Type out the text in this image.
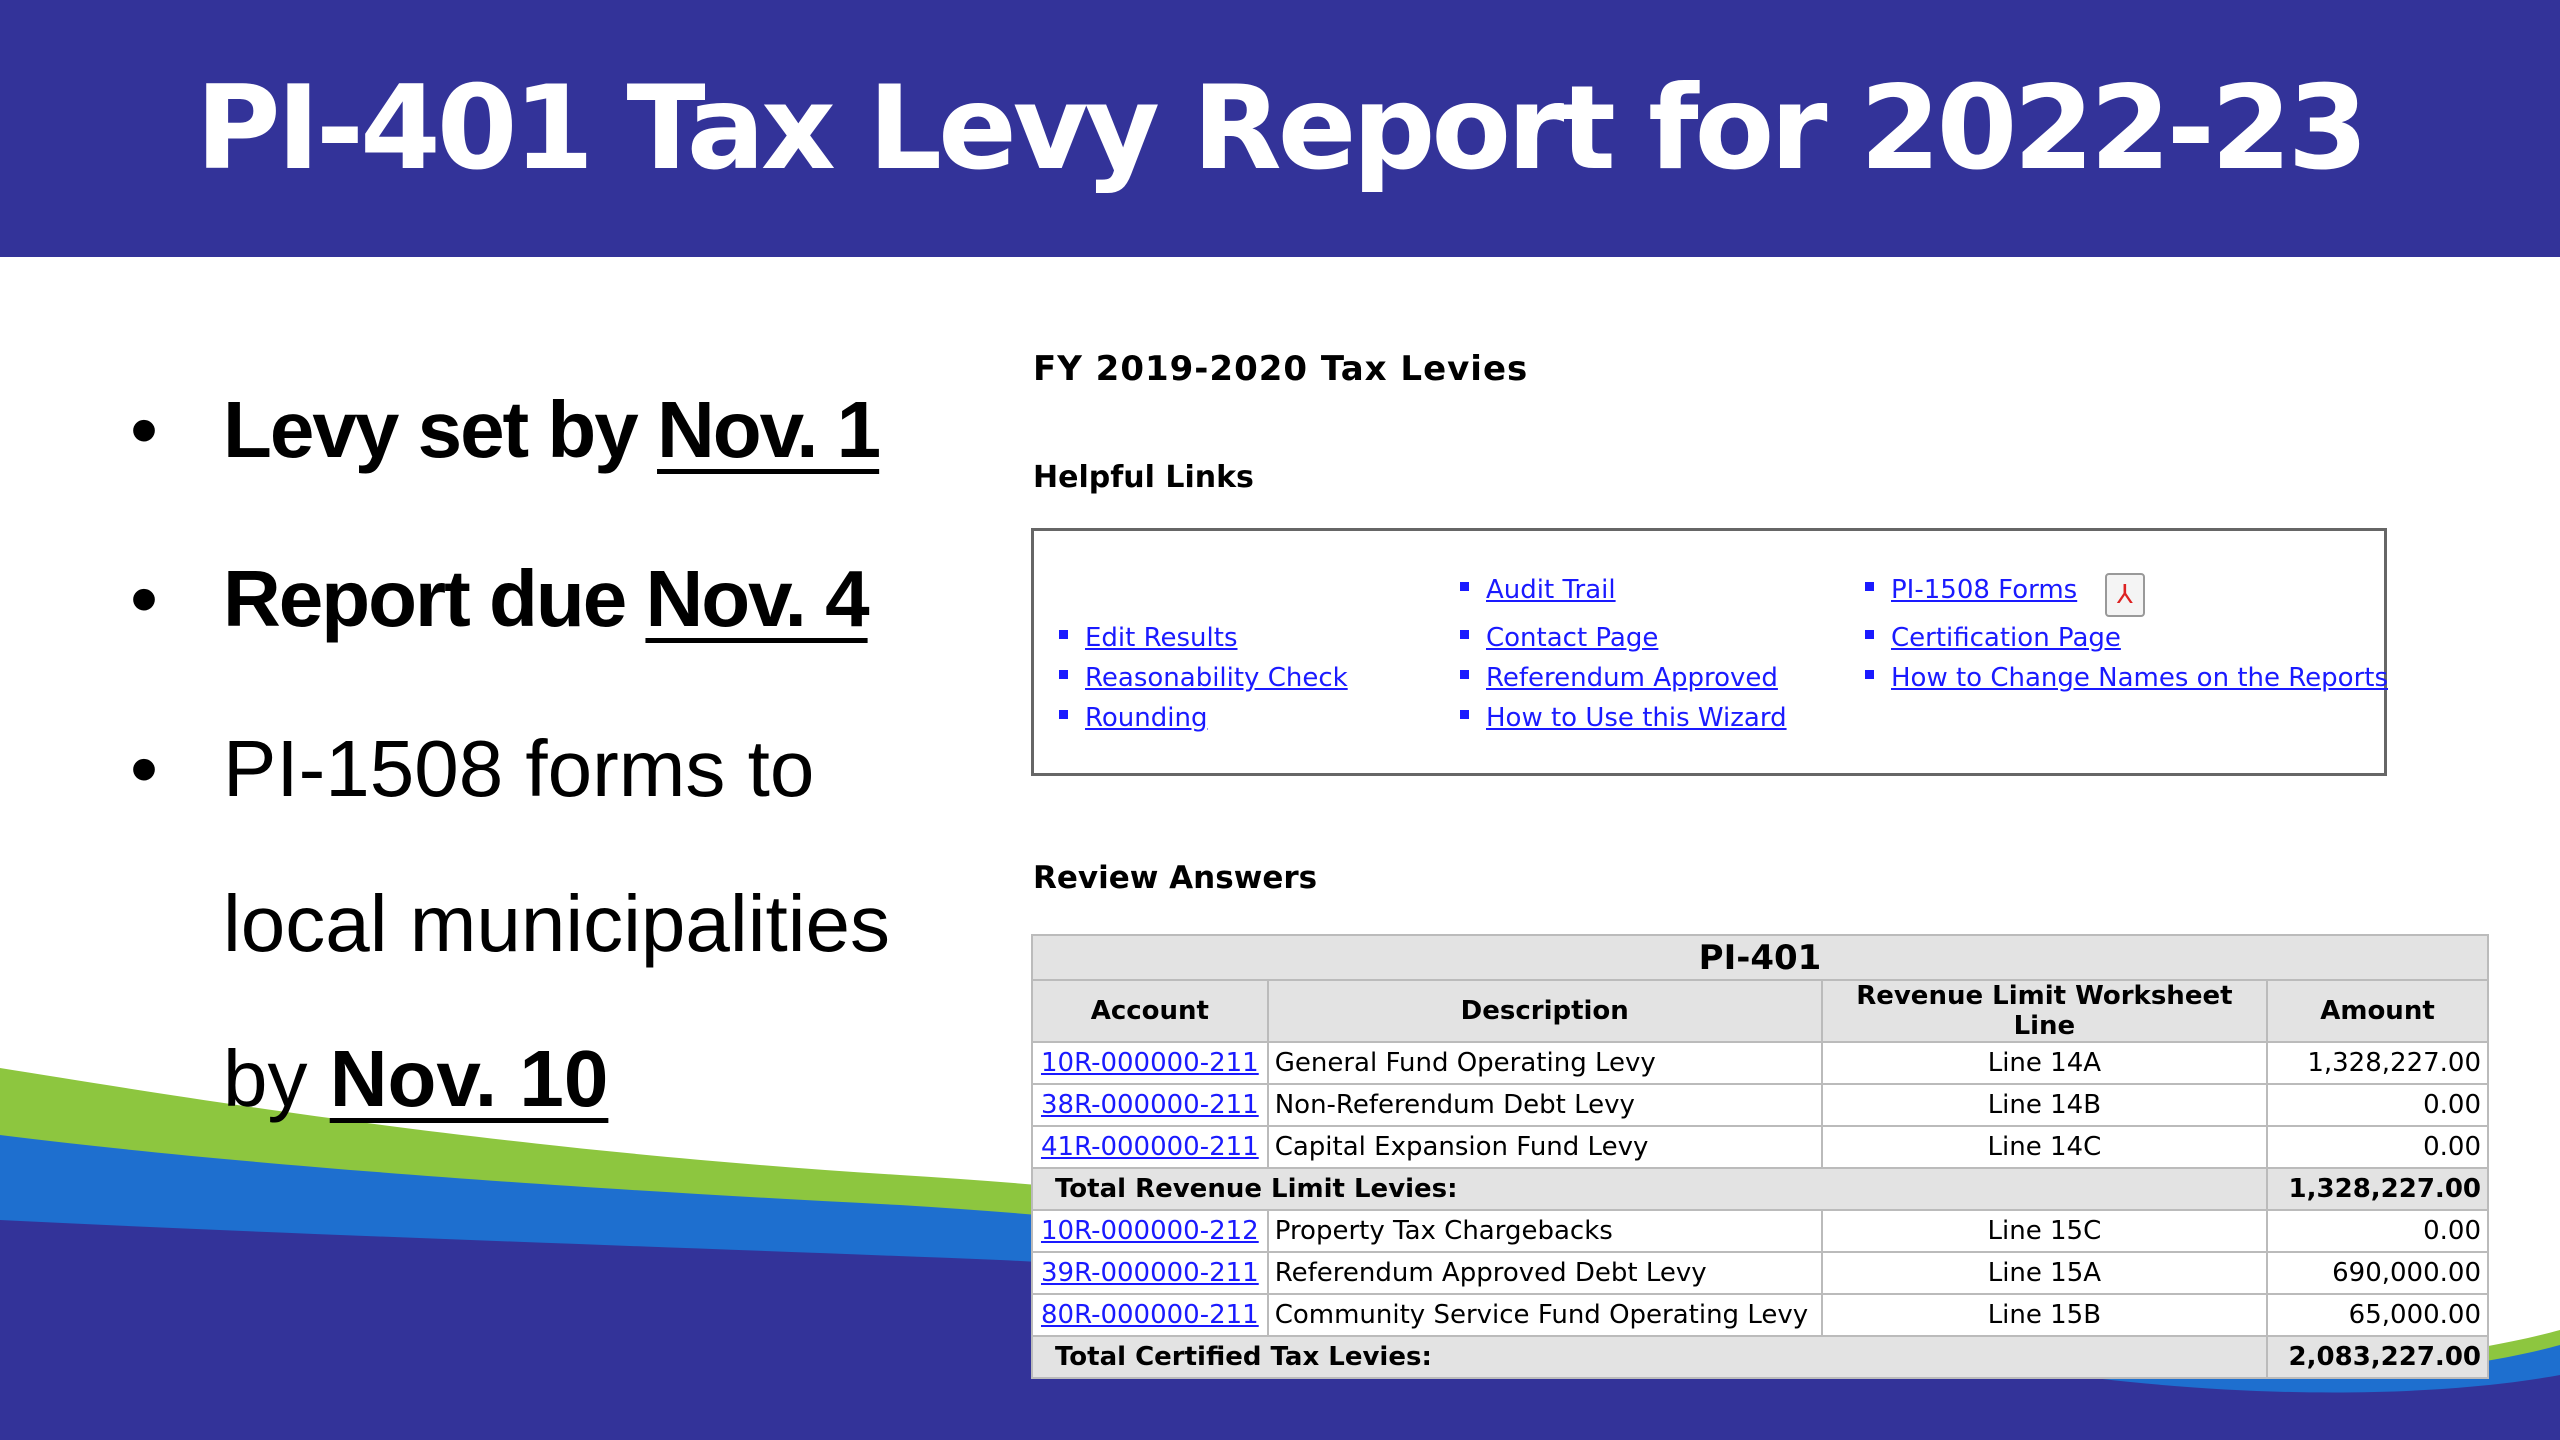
PI-401 Tax Levy Report for 2022-23
• Levy set by Nov. 1
• Report due Nov. 4
• PI-1508 forms to
local municipalities
by Nov. 10
FY 2019-2020 Tax Levies
Helpful Links
Edit Results
Reasonability Check
Rounding
Audit Trail
Contact Page
Referendum Approved
How to Use this Wizard
PI-1508 Forms	⅄
Certification Page
How to Change Names on the Reports
Review Answers
PI-401			
Account	Description	Revenue Limit Worksheet Line	Amount
10R-000000-211	General Fund Operating Levy	Line 14A	1,328,227.00
38R-000000-211	Non-Referendum Debt Levy	Line 14B	0.00
41R-000000-211	Capital Expansion Fund Levy	Line 14C	0.00
Total Revenue Limit Levies:			1,328,227.00
10R-000000-212	Property Tax Chargebacks	Line 15C	0.00
39R-000000-211	Referendum Approved Debt Levy	Line 15A	690,000.00
80R-000000-211	Community Service Fund Operating Levy	Line 15B	65,000.00
Total Certified Tax Levies:			2,083,227.00
